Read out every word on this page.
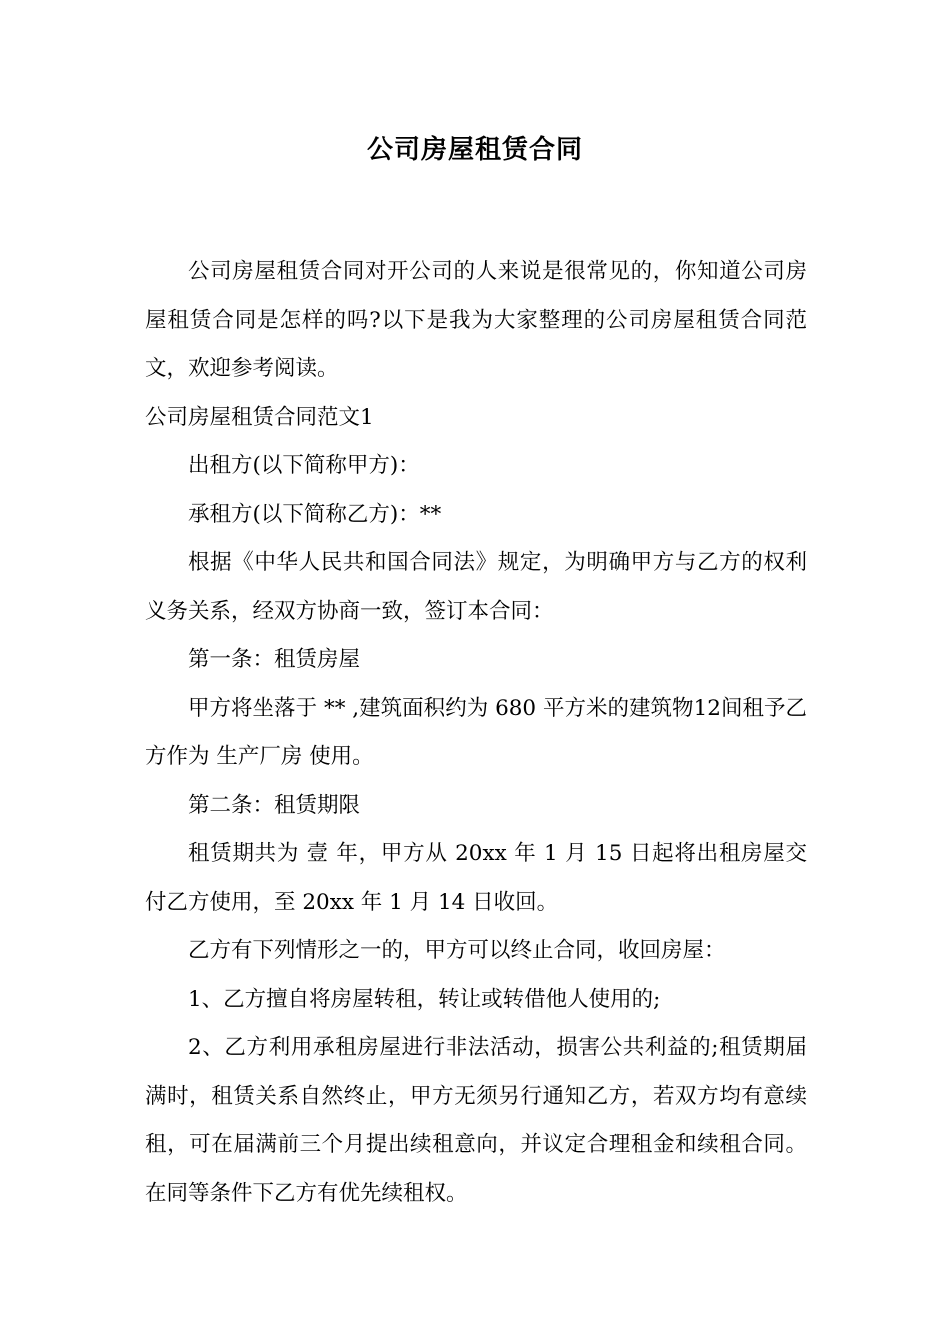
公司房屋租赁合同

公司房屋租赁合同对开公司的人来说是很常见的，你知道公司房屋租赁合同是怎样的吗?以下是我为大家整理的公司房屋租赁合同范文，欢迎参考阅读。

公司房屋租赁合同范文1

出租方(以下简称甲方)：

承租方(以下简称乙方)：**

根据《中华人民共和国合同法》规定，为明确甲方与乙方的权利义务关系，经双方协商一致，签订本合同：

第一条：租赁房屋

甲方将坐落于 ** ,建筑面积约为 680 平方米的建筑物12间租予乙方作为 生产厂房 使用。

第二条：租赁期限

租赁期共为 壹 年，甲方从 20xx 年 1 月 15 日起将出租房屋交付乙方使用，至 20xx 年 1 月 14 日收回。

乙方有下列情形之一的，甲方可以终止合同，收回房屋：

1、乙方擅自将房屋转租，转让或转借他人使用的;

2、乙方利用承租房屋进行非法活动，损害公共利益的;租赁期届满时，租赁关系自然终止，甲方无须另行通知乙方，若双方均有意续租，可在届满前三个月提出续租意向，并议定合理租金和续租合同。在同等条件下乙方有优先续租权。
